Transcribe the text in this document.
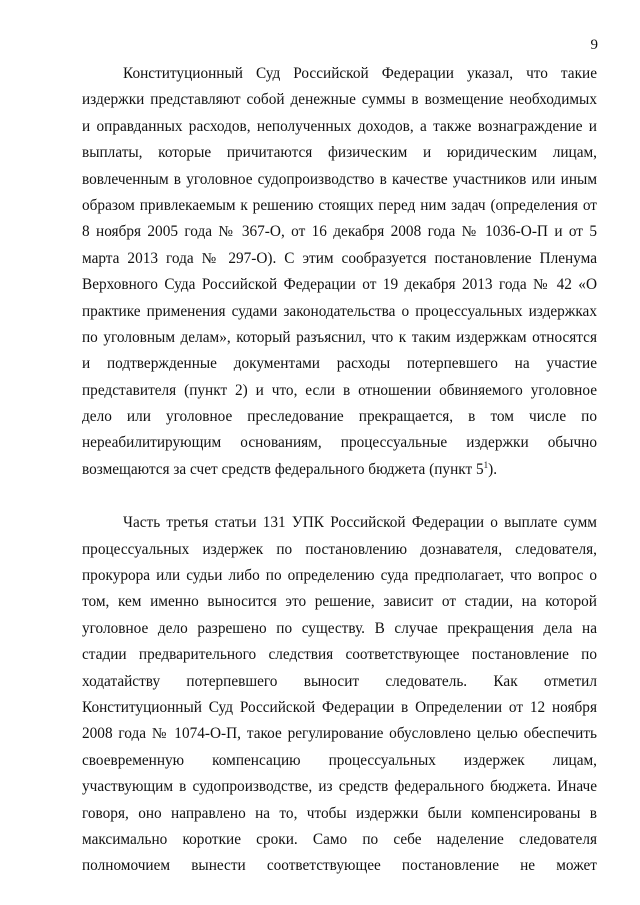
9
Конституционный Суд Российской Федерации указал, что такие
издержки представляют собой денежные суммы в возмещение необходимых
и оправданных расходов, неполученных доходов, а также вознаграждение и
выплаты, которые причитаются физическим и юридическим лицам,
вовлеченным в уголовное судопроизводство в качестве участников или иным
образом привлекаемым к решению стоящих перед ним задач (определения от
8 ноября 2005 года № 367-О, от 16 декабря 2008 года № 1036-О-П и от 5
марта 2013 года № 297-О). С этим сообразуется постановление Пленума
Верховного Суда Российской Федерации от 19 декабря 2013 года № 42 «О
практике применения судами законодательства о процессуальных издержках
по уголовным делам», который разъяснил, что к таким издержкам относятся
и подтвержденные документами расходы потерпевшего на участие
представителя (пункт 2) и что, если в отношении обвиняемого уголовное
дело или уголовное преследование прекращается, в том числе по
нереабилитирующим основаниям, процессуальные издержки обычно
возмещаются за счет средств федерального бюджета (пункт $5^1$).
Часть третья статьи 131 УПК Российской Федерации о выплате сумм
процессуальных издержек по постановлению дознавателя, следователя,
прокурора или судьи либо по определению суда предполагает, что вопрос о
том, кем именно выносится это решение, зависит от стадии, на которой
уголовное дело разрешено по существу. В случае прекращения дела на
стадии предварительного следствия соответствующее постановление по
ходатайству потерпевшего выносит следователь. Как отметил
Конституционный Суд Российской Федерации в Определении от 12 ноября
2008 года № 1074-О-П, такое регулирование обусловлено целью обеспечить
своевременную компенсацию процессуальных издержек лицам,
участвующим в судопроизводстве, из средств федерального бюджета. Иначе
говоря, оно направлено на то, чтобы издержки были компенсированы в
максимально короткие сроки. Само по себе наделение следователя
полномочием вынести соответствующее постановление не может
